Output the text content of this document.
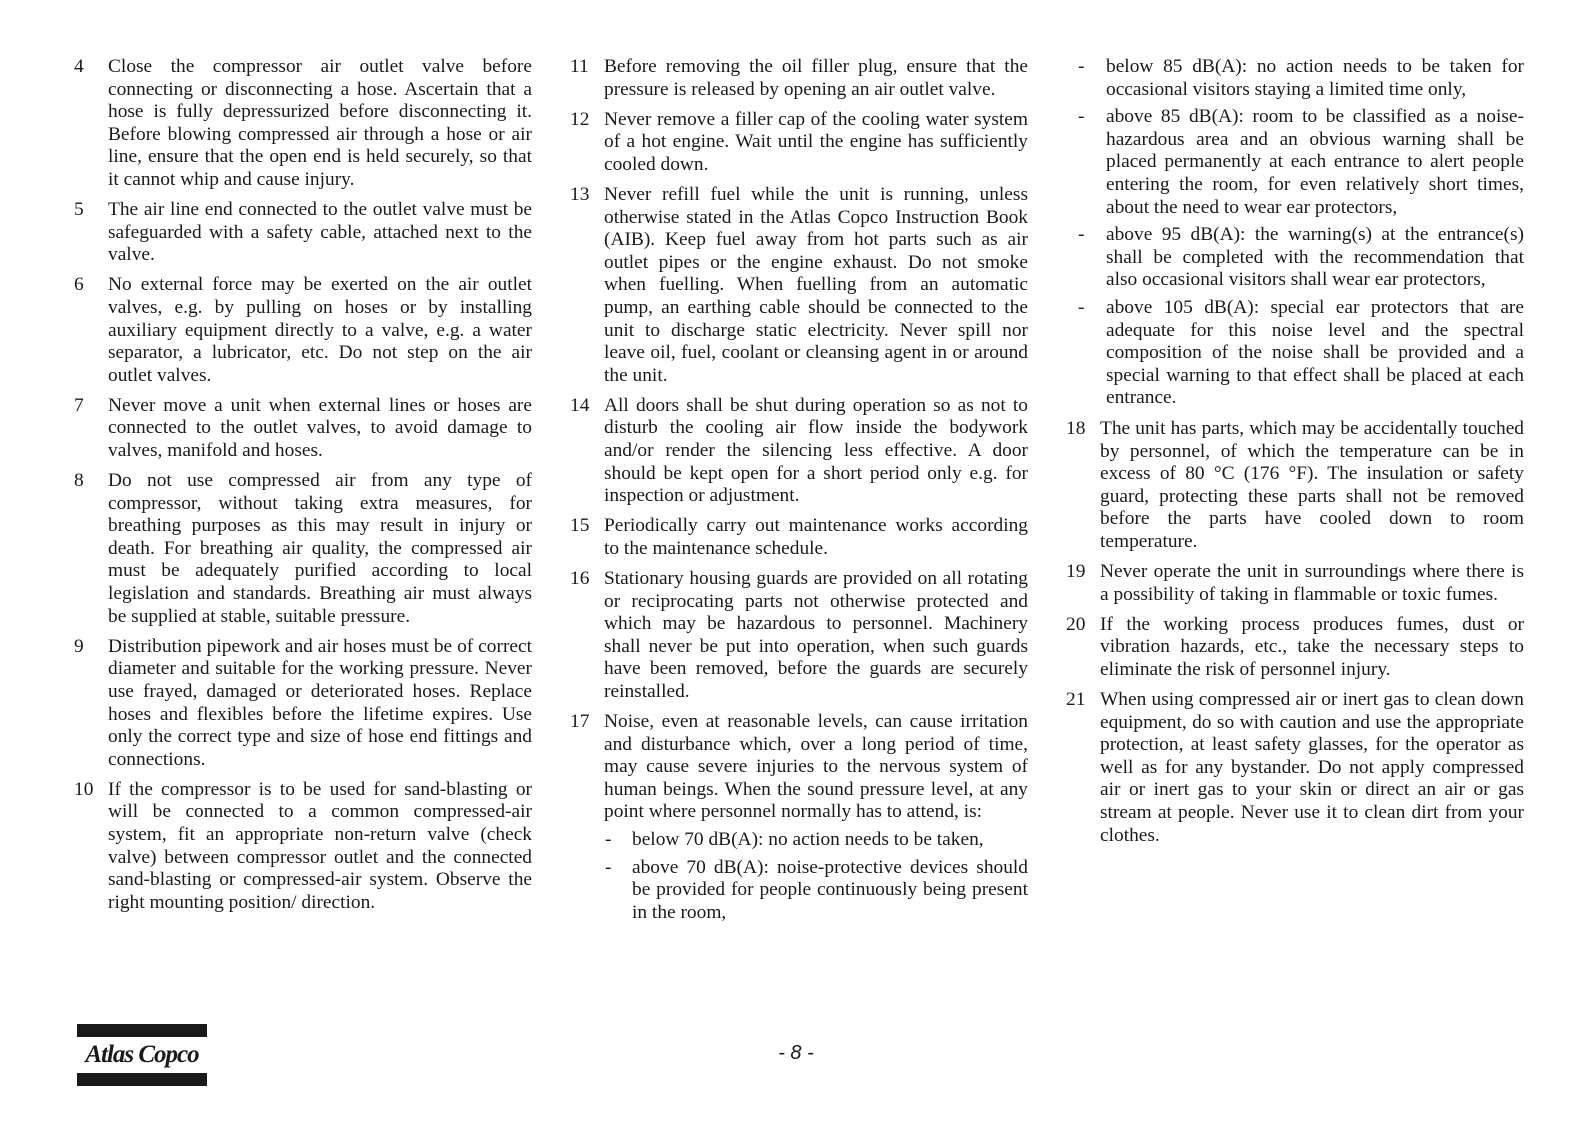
4 Close the compressor air outlet valve before connecting or disconnecting a hose. Ascertain that a hose is fully depressurized before disconnecting it. Before blowing compressed air through a hose or air line, ensure that the open end is held securely, so that it cannot whip and cause injury.
5 The air line end connected to the outlet valve must be safeguarded with a safety cable, attached next to the valve.
6 No external force may be exerted on the air outlet valves, e.g. by pulling on hoses or by installing auxiliary equipment directly to a valve, e.g. a water separator, a lubricator, etc. Do not step on the air outlet valves.
7 Never move a unit when external lines or hoses are connected to the outlet valves, to avoid damage to valves, manifold and hoses.
8 Do not use compressed air from any type of compressor, without taking extra measures, for breathing purposes as this may result in injury or death. For breathing air quality, the compressed air must be adequately purified according to local legislation and standards. Breathing air must always be supplied at stable, suitable pressure.
9 Distribution pipework and air hoses must be of correct diameter and suitable for the working pressure. Never use frayed, damaged or deteriorated hoses. Replace hoses and flexibles before the lifetime expires. Use only the correct type and size of hose end fittings and connections.
10 If the compressor is to be used for sand-blasting or will be connected to a common compressed-air system, fit an appropriate non-return valve (check valve) between compressor outlet and the connected sand-blasting or compressed-air system. Observe the right mounting position/ direction.
11 Before removing the oil filler plug, ensure that the pressure is released by opening an air outlet valve.
12 Never remove a filler cap of the cooling water system of a hot engine. Wait until the engine has sufficiently cooled down.
13 Never refill fuel while the unit is running, unless otherwise stated in the Atlas Copco Instruction Book (AIB). Keep fuel away from hot parts such as air outlet pipes or the engine exhaust. Do not smoke when fuelling. When fuelling from an automatic pump, an earthing cable should be connected to the unit to discharge static electricity. Never spill nor leave oil, fuel, coolant or cleansing agent in or around the unit.
14 All doors shall be shut during operation so as not to disturb the cooling air flow inside the bodywork and/or render the silencing less effective. A door should be kept open for a short period only e.g. for inspection or adjustment.
15 Periodically carry out maintenance works according to the maintenance schedule.
16 Stationary housing guards are provided on all rotating or reciprocating parts not otherwise protected and which may be hazardous to personnel. Machinery shall never be put into operation, when such guards have been removed, before the guards are securely reinstalled.
17 Noise, even at reasonable levels, can cause irritation and disturbance which, over a long period of time, may cause severe injuries to the nervous system of human beings. When the sound pressure level, at any point where personnel normally has to attend, is:
- below 70 dB(A): no action needs to be taken,
- above 70 dB(A): noise-protective devices should be provided for people continuously being present in the room,
- below 85 dB(A): no action needs to be taken for occasional visitors staying a limited time only,
- above 85 dB(A): room to be classified as a noise-hazardous area and an obvious warning shall be placed permanently at each entrance to alert people entering the room, for even relatively short times, about the need to wear ear protectors,
- above 95 dB(A): the warning(s) at the entrance(s) shall be completed with the recommendation that also occasional visitors shall wear ear protectors,
- above 105 dB(A): special ear protectors that are adequate for this noise level and the spectral composition of the noise shall be provided and a special warning to that effect shall be placed at each entrance.
18 The unit has parts, which may be accidentally touched by personnel, of which the temperature can be in excess of 80 °C (176 °F). The insulation or safety guard, protecting these parts shall not be removed before the parts have cooled down to room temperature.
19 Never operate the unit in surroundings where there is a possibility of taking in flammable or toxic fumes.
20 If the working process produces fumes, dust or vibration hazards, etc., take the necessary steps to eliminate the risk of personnel injury.
21 When using compressed air or inert gas to clean down equipment, do so with caution and use the appropriate protection, at least safety glasses, for the operator as well as for any bystander. Do not apply compressed air or inert gas to your skin or direct an air or gas stream at people. Never use it to clean dirt from your clothes.
Atlas Copco	- 8 -
